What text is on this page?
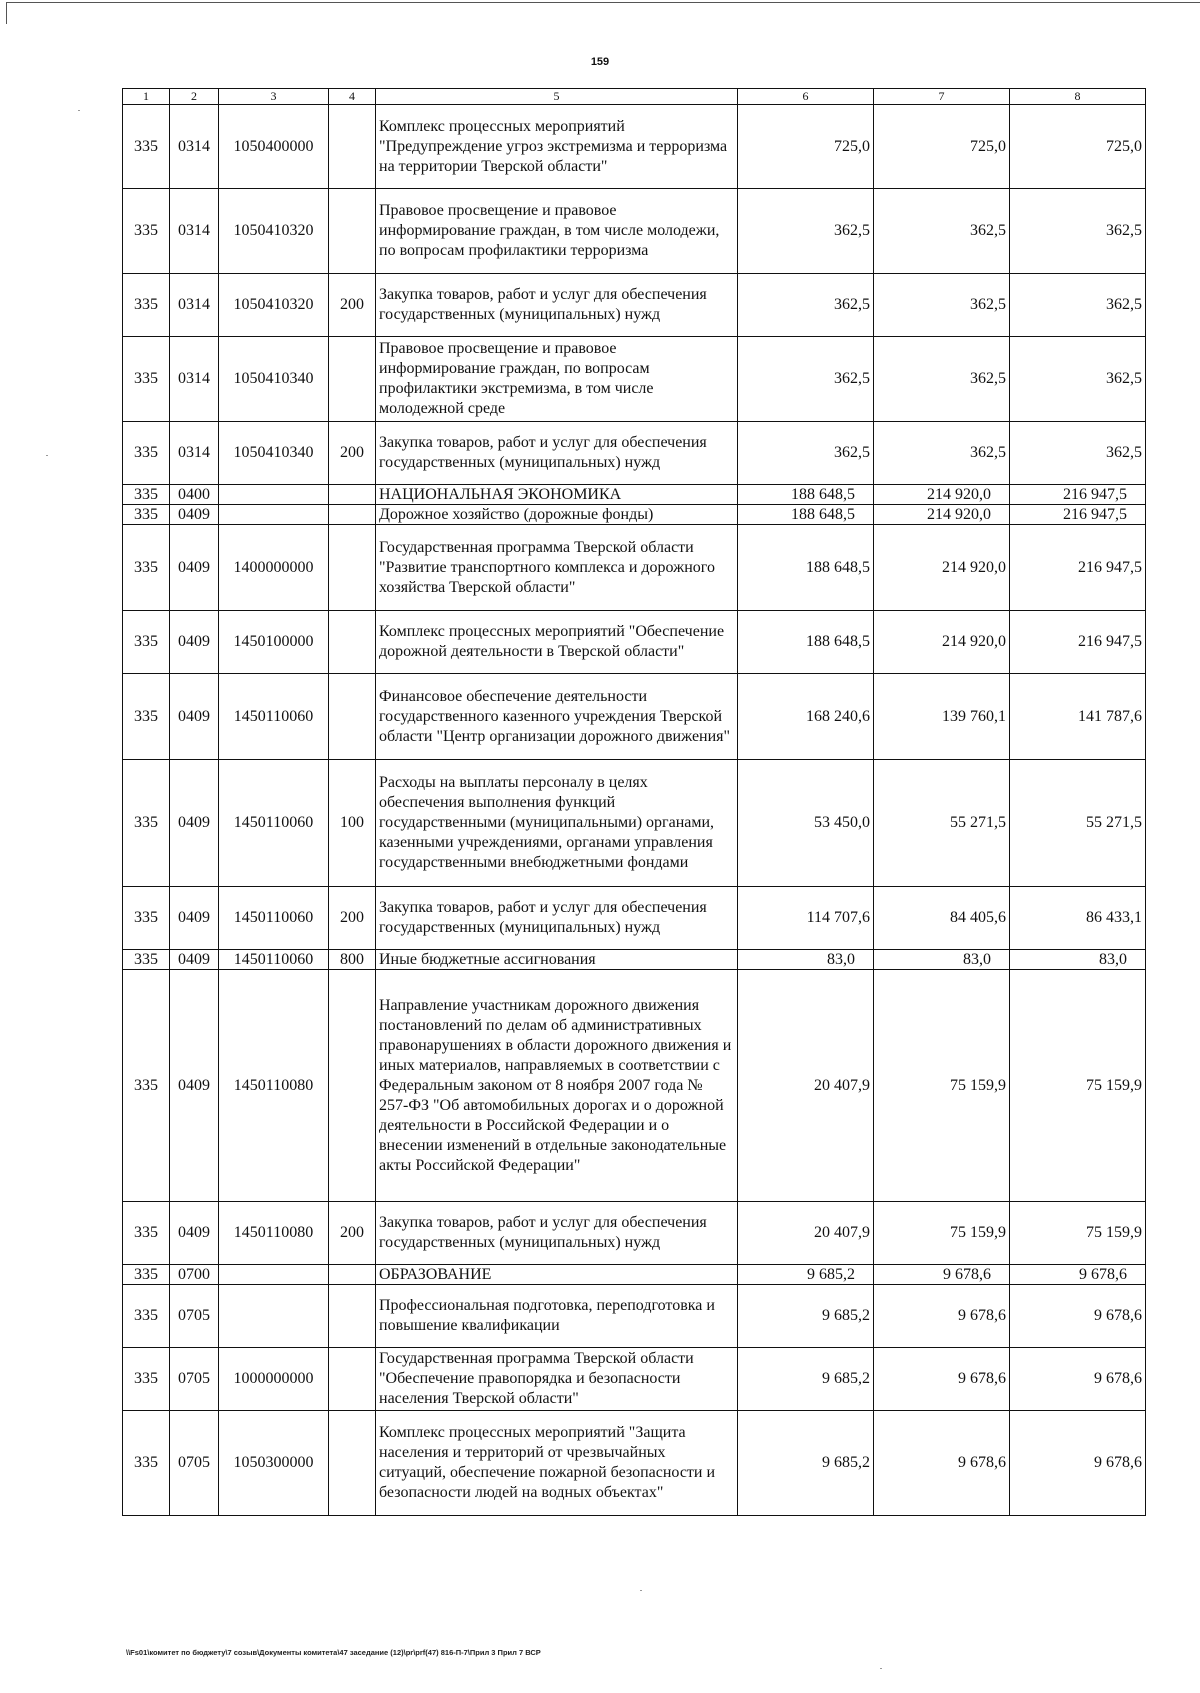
159
1	2	3	4	5	6	7	8
335	0314	1050400000		Комплекс процессных мероприятий "Предупреждение угроз экстремизма и терроризма на территории Тверской области"	725,0	725,0	725,0
335	0314	1050410320		Правовое просвещение и правовое информирование граждан, в том числе молодежи, по вопросам профилактики терроризма	362,5	362,5	362,5
335	0314	1050410320	200	Закупка товаров, работ и услуг для обеспечения государственных (муниципальных) нужд	362,5	362,5	362,5
335	0314	1050410340		Правовое просвещение и правовое информирование граждан, по вопросам профилактики экстремизма, в том числе молодежной среде	362,5	362,5	362,5
335	0314	1050410340	200	Закупка товаров, работ и услуг для обеспечения государственных (муниципальных) нужд	362,5	362,5	362,5
335	0400			НАЦИОНАЛЬНАЯ ЭКОНОМИКА	188 648,5	214 920,0	216 947,5
335	0409			Дорожное хозяйство (дорожные фонды)	188 648,5	214 920,0	216 947,5
335	0409	1400000000		Государственная программа Тверской области "Развитие транспортного комплекса и дорожного хозяйства Тверской области"	188 648,5	214 920,0	216 947,5
335	0409	1450100000		Комплекс процессных мероприятий "Обеспечение дорожной деятельности в Тверской области"	188 648,5	214 920,0	216 947,5
335	0409	1450110060		Финансовое обеспечение деятельности государственного казенного учреждения Тверской области "Центр организации дорожного движения"	168 240,6	139 760,1	141 787,6
335	0409	1450110060	100	Расходы на выплаты персоналу в целях обеспечения выполнения функций государственными (муниципальными) органами, казенными учреждениями, органами управления государственными внебюджетными фондами	53 450,0	55 271,5	55 271,5
335	0409	1450110060	200	Закупка товаров, работ и услуг для обеспечения государственных (муниципальных) нужд	114 707,6	84 405,6	86 433,1
335	0409	1450110060	800	Иные бюджетные ассигнования	83,0	83,0	83,0
335	0409	1450110080		Направление участникам дорожного движения постановлений по делам об административных правонарушениях в области дорожного движения и иных материалов, направляемых в соответствии с Федеральным законом от 8 ноября 2007 года № 257-ФЗ "Об автомобильных дорогах и о дорожной деятельности в Российской Федерации и о внесении изменений в отдельные законодательные акты Российской Федерации"	20 407,9	75 159,9	75 159,9
335	0409	1450110080	200	Закупка товаров, работ и услуг для обеспечения государственных (муниципальных) нужд	20 407,9	75 159,9	75 159,9
335	0700			ОБРАЗОВАНИЕ	9 685,2	9 678,6	9 678,6
335	0705			Профессиональная подготовка, переподготовка и повышение квалификации	9 685,2	9 678,6	9 678,6
335	0705	1000000000		Государственная программа Тверской области "Обеспечение правопорядка и безопасности населения Тверской области"	9 685,2	9 678,6	9 678,6
335	0705	1050300000		Комплекс процессных мероприятий "Защита населения и территорий от чрезвычайных ситуаций, обеспечение пожарной безопасности и безопасности людей на водных объектах"	9 685,2	9 678,6	9 678,6
\\Fs01\комитет по бюджету\7 созыв\Документы комитета\47 заседание (12)\pr\prf(47) 816-П-7\Прил 3 Прил 7 ВСР
